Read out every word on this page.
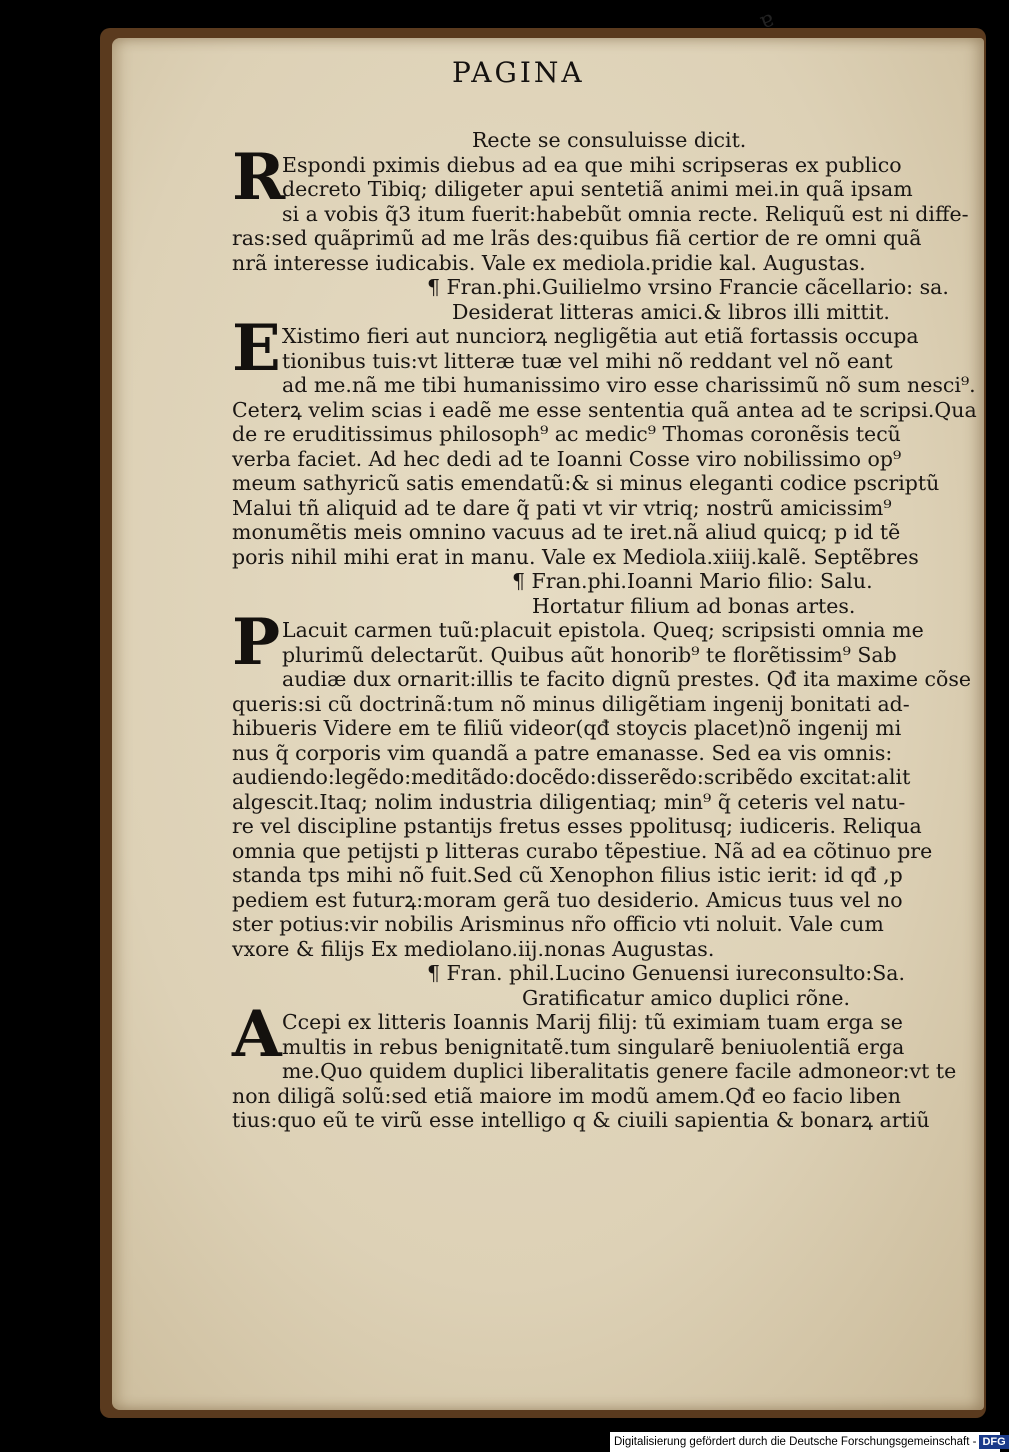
ɐ
PAGINA
Recte se consuluisse dicit.
R
Espondi pximis diebus ad ea que mihi scripseras ex publico
decreto Tibiq; diligeter apui sentetiã animi mei.in quã ipsam
si a vobis q̃3 itum fuerit:habebũt omnia recte. Reliquũ est ni diffe-
ras:sed quãprimũ ad me lrãs des:quibus fiã certior de re omni quã
nrã interesse iudicabis. Vale ex mediola.pridie kal. Augustas.
¶ Fran.phi.Guilielmo vrsino Francie cãcellario: sa.
Desiderat litteras amici.& libros illi mittit.
E Xistimo fieri aut nunciorꝝ negligẽtia aut etiã fortassis occupa
tionibus tuis:vt litteræ tuæ vel mihi nõ reddant vel nõ eant
ad me.nã me tibi humanissimo viro esse charissimũ nõ sum nesci⁹.
Ceterꝝ velim scias i eadẽ me esse sententia quã antea ad te scripsi.Qua
de re eruditissimus philosoph⁹ ac medic⁹ Thomas coronẽsis tecũ
verba faciet. Ad hec dedi ad te Ioanni Cosse viro nobilissimo op⁹
meum sathyricũ satis emendatũ:& si minus eleganti codice pscriptũ
Malui tñ aliquid ad te dare q̃ pati vt vir vtriq; nostrũ amicissim⁹
monumẽtis meis omnino vacuus ad te iret.nã aliud quicq; p id tẽ
poris nihil mihi erat in manu. Vale ex Mediola.xiiij.kalẽ. Septẽbres
¶ Fran.phi.Ioanni Mario filio: Salu.
Hortatur filium ad bonas artes.
P Lacuit carmen tuũ:placuit epistola. Queq; scripsisti omnia me
plurimũ delectarũt. Quibus aũt honorib⁹ te florẽtissim⁹ Sab
audiæ dux ornarit:illis te facito dignũ prestes. Qđ ita maxime cõse
queris:si cũ doctrinã:tum nõ minus diligẽtiam ingenij bonitati ad-
hibueris Videre em te filiũ videor(qđ stoycis placet)nõ ingenij mi
nus q̃ corporis vim quandã a patre emanasse. Sed ea vis omnis:
audiendo:legẽdo:meditãdo:docẽdo:disserẽdo:scribẽdo excitat:alit
algescit.Itaq; nolim industria diligentiaq; min⁹ q̃ ceteris vel natu-
re vel discipline pstantijs fretus esses ppolitusq; iudiceris. Reliqua
omnia que petijsti p litteras curabo tẽpestiue. Nã ad ea cõtinuo pre
standa tps mihi nõ fuit.Sed cũ Xenophon filius istic ierit: id qđ ,p
pediem est futurꝝ:moram gerã tuo desiderio. Amicus tuus vel no
ster potius:vir nobilis Arisminus nr̃o officio vti noluit. Vale cum
vxore & filijs Ex mediolano.iij.nonas Augustas.
¶ Fran. phil.Lucino Genuensi iureconsulto:Sa.
Gratificatur amico duplici rõne.
A Ccepi ex litteris Ioannis Marij filij: tũ eximiam tuam erga se
multis in rebus benignitatẽ.tum singularẽ beniuolentiã erga
me.Quo quidem duplici liberalitatis genere facile admoneor:vt te
non diligã solũ:sed etiã maiore im modũ amem.Qđ eo facio liben
tius:quo eũ te virũ esse intelligo q & ciuili sapientia & bonarꝝ artiũ
Digitalisierung gefördert durch die Deutsche Forschungsgemeinschaft - DFG
